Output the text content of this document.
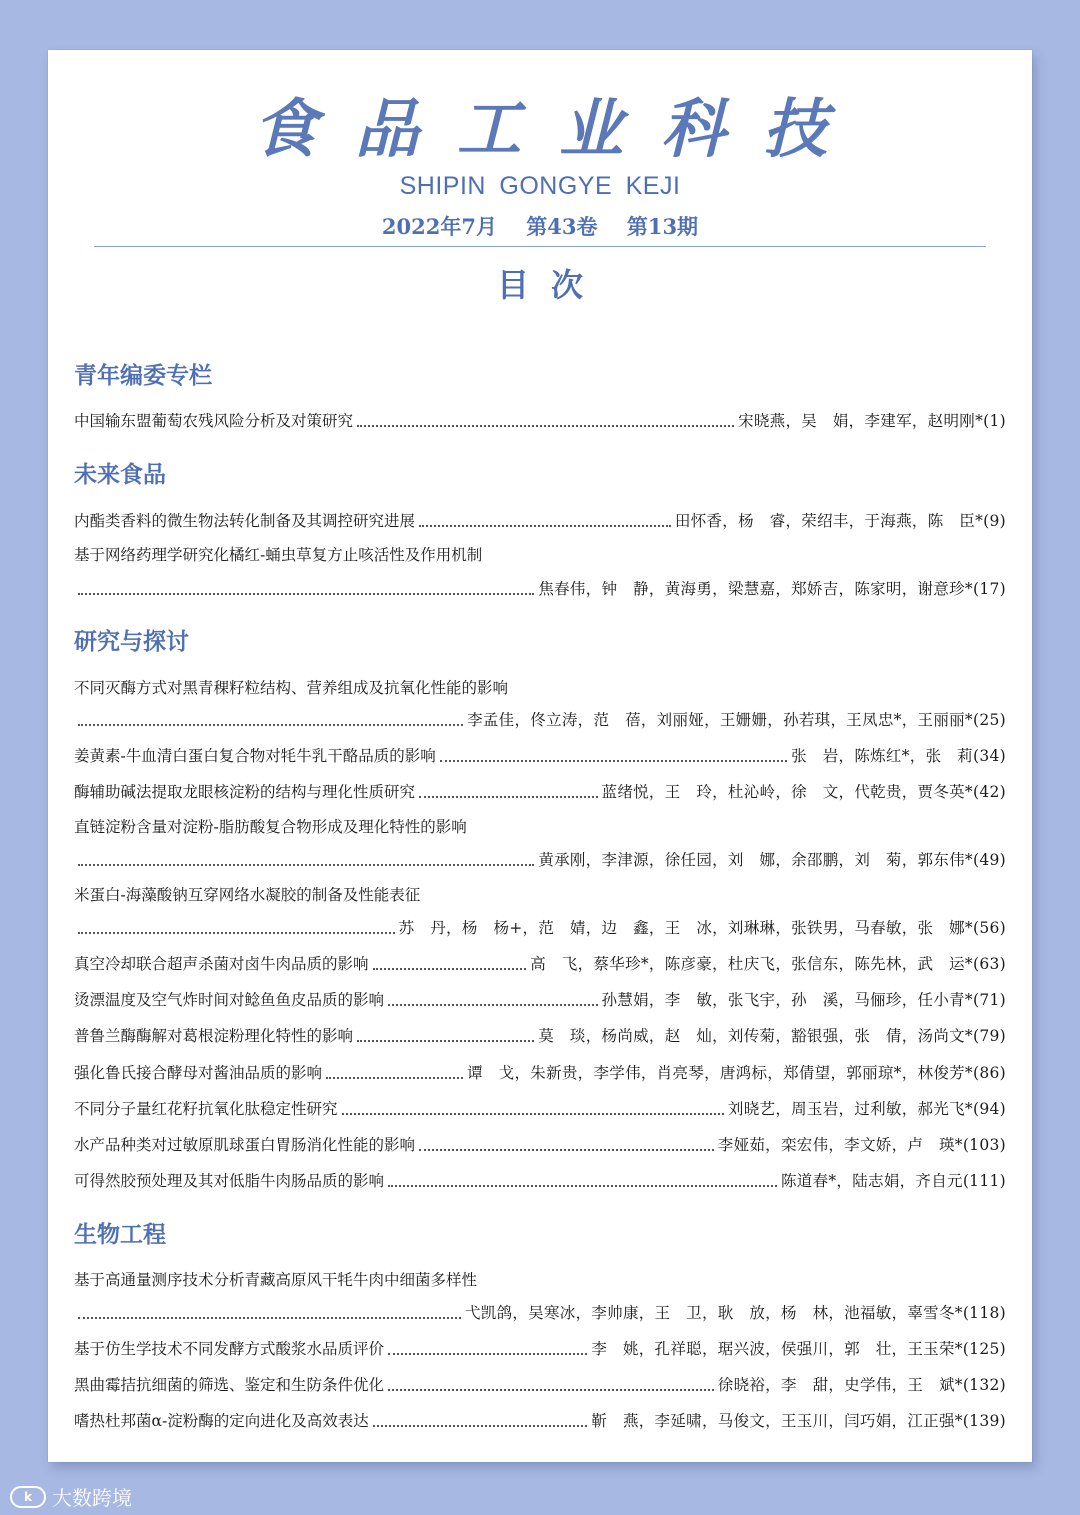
食品工业科技
SHIPIN GONGYE KEJI
2022年7月 第43卷 第13期
目次
青年编委专栏
中国输东盟葡萄农残风险分析及对策研究	宋晓燕，吴　娟，李建军，赵明刚*(1)
未来食品
内酯类香料的微生物法转化制备及其调控研究进展	田怀香，杨　睿，荣绍丰，于海燕，陈　臣*(9)
基于网络药理学研究化橘红-蛹虫草复方止咳活性及作用机制
焦春伟，钟　静，黄海勇，梁慧嘉，郑娇吉，陈家明，谢意珍*(17)
研究与探讨
不同灭酶方式对黑青稞籽粒结构、营养组成及抗氧化性能的影响
李孟佳，佟立涛，范　蓓，刘丽娅，王姗姗，孙若琪，王凤忠*，王丽丽*(25)
姜黄素-牛血清白蛋白复合物对牦牛乳干酪品质的影响	张　岩，陈炼红*，张　莉(34)
酶辅助碱法提取龙眼核淀粉的结构与理化性质研究	蓝绪悦，王　玲，杜沁岭，徐　文，代乾贵，贾冬英*(42)
直链淀粉含量对淀粉-脂肪酸复合物形成及理化特性的影响
黄承刚，李津源，徐任园，刘　娜，余邵鹏，刘　菊，郭东伟*(49)
米蛋白-海藻酸钠互穿网络水凝胶的制备及性能表征
苏　丹，杨　杨+，范　婧，边　鑫，王　冰，刘琳琳，张铁男，马春敏，张　娜*(56)
真空冷却联合超声杀菌对卤牛肉品质的影响	高　飞，蔡华珍*，陈彦豪，杜庆飞，张信东，陈先林，武　运*(63)
烫漂温度及空气炸时间对鲶鱼鱼皮品质的影响	孙慧娟，李　敏，张飞宇，孙　溪，马俪珍，任小青*(71)
普鲁兰酶酶解对葛根淀粉理化特性的影响	莫　琰，杨尚威，赵　灿，刘传菊，豁银强，张　倩，汤尚文*(79)
强化鲁氏接合酵母对酱油品质的影响	谭　戈，朱新贵，李学伟，肖亮琴，唐鸿标，郑倩望，郭丽琼*，林俊芳*(86)
不同分子量红花籽抗氧化肽稳定性研究	刘晓艺，周玉岩，过利敏，郝光飞*(94)
水产品种类对过敏原肌球蛋白胃肠消化性能的影响	李娅茹，栾宏伟，李文娇，卢　瑛*(103)
可得然胶预处理及其对低脂牛肉肠品质的影响	陈道春*，陆志娟，齐自元(111)
生物工程
基于高通量测序技术分析青藏高原风干牦牛肉中细菌多样性
弋凯鸽，吴寒冰，李帅康，王　卫，耿　放，杨　林，池福敏，辜雪冬*(118)
基于仿生学技术不同发酵方式酸浆水品质评价	李　姚，孔祥聪，琚兴波，侯强川，郭　壮，王玉荣*(125)
黑曲霉拮抗细菌的筛选、鉴定和生防条件优化	徐晓裕，李　甜，史学伟，王　斌*(132)
嗜热杜邦菌α-淀粉酶的定向进化及高效表达	靳　燕，李延啸，马俊文，王玉川，闫巧娟，江正强*(139)
k	大数跨境
